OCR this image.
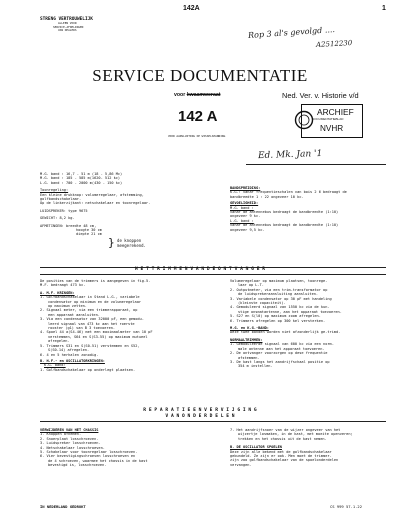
142A	1
STRENG VERTROUWELIJK
ALLEEN VOOR
SERVICE-AFDELINGEN
VAN DEALERS	Rop 3 al's gevolgd ....
A2512230
SERVICE DOCUMENTATIE
voor kwaamweraat
142 A
VOOR AANSLUITING OP WISSELSPANNING
Ned. Ver. v. Historie v/d
ARCHIEF
DOCUMENTATIEBLAD
NVHR
Ed. Mk. Jan '1
M.G. band : 16,7 - 51 m (18 - 5,86 Mc)
M.G. band : 185 - 585 m(1620- 512 kc)
L.G. band : 700 - 2000 m(430 - 150 kc)
Toonregeling:
Een kleine drukknop: volumeregelaar, afstemming,
golfbandschakelaar.
Op de linkerzijkant: netschakelaar en toonregelaar.
LUIDSPREKER: type 9675
GEWICHT: 8,2 kg.
AFMETINGEN: breedte 48 cm,
hoogte 30 cm
diepte 21 cm
} de knoppen
meegerekend.
BANDSPREIDING:
K.G.: vanaf frequentieschalen van bois 2 6 bedraagt de
bandbreedte 1 : 22 ongeveer 10 kc.
GEVOELIGHEID:
M.G. band :
Vanaf de antennebus bedraagt de bandbreedte (1:10)
ongeveer 9 kc.
L.G. band :
Vanaf de antennebus bedraagt de bandbreedte (1:10)
ongeveer 9,5 kc.
H E T T R I M M E N V A N D E O N T V A N G E R
De posities van de trimmers is aangegeven in fig.5.
M.F. bedraagt 473 kc.
A. M.F. KRINGEN:
1. Golfbandschakelaar in Stand L.G., variabele
condensator op minimum en de volumeregelaar
op maximum zetten.
2. Signaal meter, via een trimmerapparaat, op
een apparaat aansluiten.
3. Via een condensator van 32000 pF, een gemodu-
leerd signaal van 473 kc aan het roerste
rooster (g1) van B 3 toevoeren.
4. Spoel 44 a(S4-46) met een maximaalmeter van 10 pF
verstemmen, S64 en S(S3-55) op maximum mutueel
afregelen.
5. Trimmers S31 en S(S0-51) verstemmen en S52,
S(S0-14) afregelen.
6. 4 en 5 herhalen zonodig.
B. H.F.- en OSCILLATORKRINGEN:
K.G. band:
1. Golfbandschakelaar op onderlegt plaatsen.
Volumeregelaar op maximum plaatsen, toonrege-
laar op L.T.
2. Outputmeter, via een trim-transformator op
de luidsprekeraansluiting aansluiten.
3. Variabele condensator op 30 pF met handeling
(kleinste capaciteit).
4. Gemoduleerd signaal van 1550 kc via de kun-
stige onsmatantenne, aan het apparaat toevoeren.
5. S27 en S(l0) op maximum zoom afregelen.
6. Trimmers afregelen op 300 kel versterken.
M.G. en K.G.-BAND:
Deze twee banden worden niet afzonderlijk ge-trimd.
NORMAALTRIMMEN:
1. Gemoduleerde signaal van 600 kc via een norm-
male antenne aan het apparaat toevoeren.
2. De ontvanger voorzorgen op dese frequentie
afstemmen.
3. De kast langs het aandrijfschaal positie op
354 m instellen.
R E P A R A T I E E N V E R V I J G I N G
V A N O N D E R D E L E N
VERWIJDEREN VAN HET CHASSIS
1. Knoppen afnemen.
2. Snoerplaat losschroeven.
3. Luidspreker losschroeven.
4. Netschakelaar losschroeven.
5. Schakelaar voor toonregelaar losschroeven.
6. Vier bevestigingschroeven losschroeven en
de 4 schroeven, waarmee het chassis in de kast
bevestigd is, losschroeven.
7. Het aandrijfsnoer van de wijzer ongeveer van het
wijzertje losmaken, in de kast, met moeite openveren;
trekken en het chassis uit de kast nemen.
B. DE OSCILLATOR SPOELEN
Deze zijn alle bekend met de golfbandschakelaar
gebundeld. Ze zijn er ook. Men moet de trimmer-
zijn zoo golfbandschakelaar van de spoelonderdelen
vervangen.
IN NEDERLAND GEDRUKT	CS 999 57.1.22
